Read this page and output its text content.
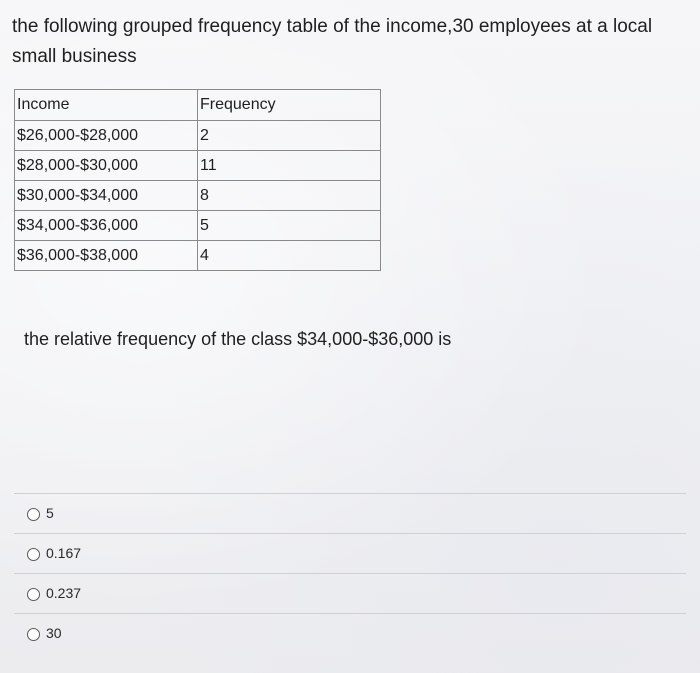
the following grouped frequency table of the income,30 employees at a local small business
Income	Frequency
$26,000-$28,000	2
$28,000-$30,000	11
$30,000-$34,000	8
$34,000-$36,000	5
$36,000-$38,000	4

the relative frequency of the class $34,000-$36,000 is

5
0.167
0.237
30
